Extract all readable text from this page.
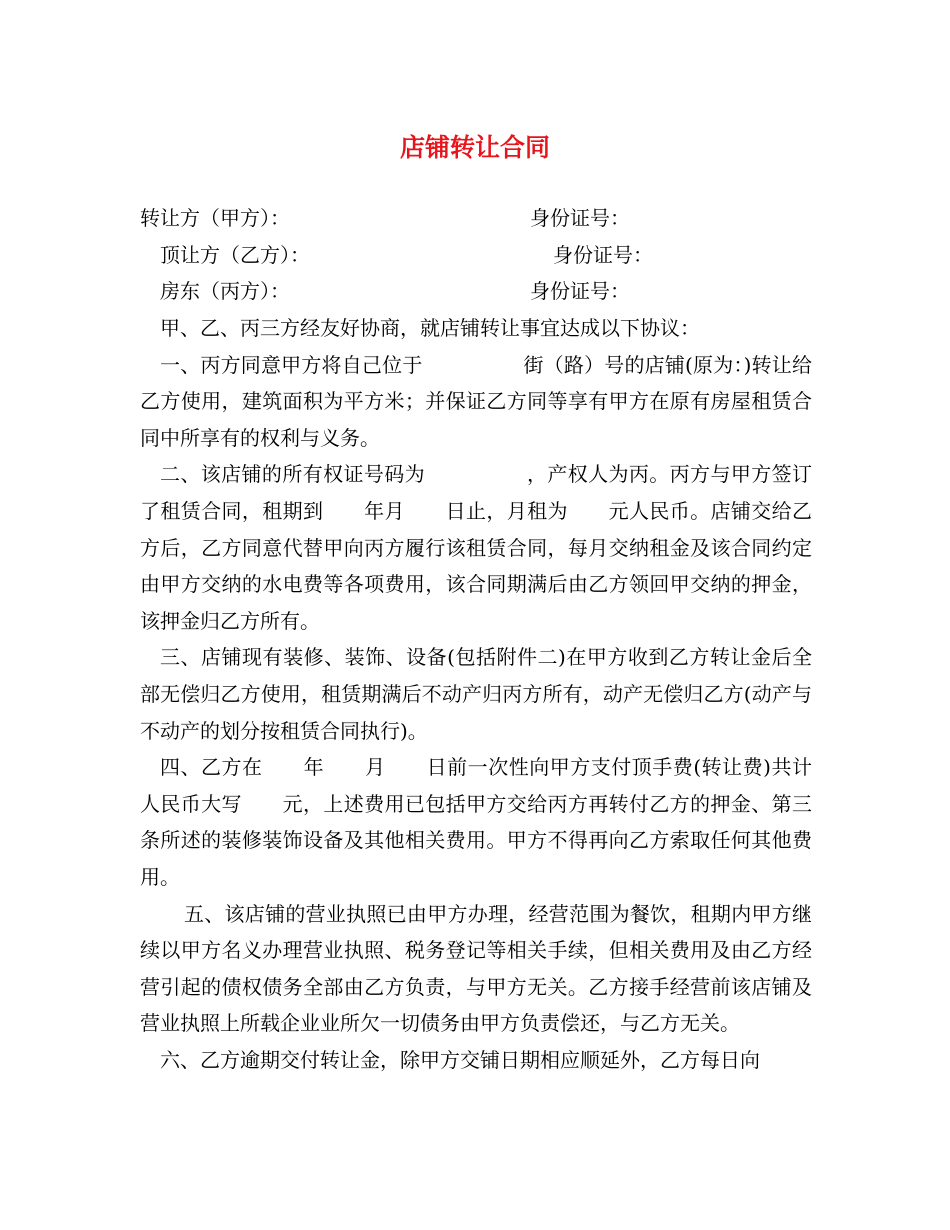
店铺转让合同
转让方（甲方）：	身份证号：
顶让方（乙方）：	身份证号：
房东（丙方）：	身份证号：

甲、乙、丙三方经友好协商，就店铺转让事宜达成以下协议：

一、丙方同意甲方将自己位于　　　　　街（路）号的店铺(原为：)转让给乙方使用，建筑面积为平方米；并保证乙方同等享有甲方在原有房屋租赁合同中所享有的权利与义务。

二、该店铺的所有权证号码为　　　　　，产权人为丙。丙方与甲方签订了租赁合同，租期到　　年月　　日止，月租为　　元人民币。店铺交给乙方后，乙方同意代替甲向丙方履行该租赁合同，每月交纳租金及该合同约定由甲方交纳的水电费等各项费用，该合同期满后由乙方领回甲交纳的押金，该押金归乙方所有。

三、店铺现有装修、装饰、设备(包括附件二)在甲方收到乙方转让金后全部无偿归乙方使用，租赁期满后不动产归丙方所有，动产无偿归乙方(动产与不动产的划分按租赁合同执行)。

四、乙方在　　年　　月　　日前一次性向甲方支付顶手费(转让费)共计人民币大写　　元，上述费用已包括甲方交给丙方再转付乙方的押金、第三条所述的装修装饰设备及其他相关费用。甲方不得再向乙方索取任何其他费用。

五、该店铺的营业执照已由甲方办理，经营范围为餐饮，租期内甲方继续以甲方名义办理营业执照、税务登记等相关手续，但相关费用及由乙方经营引起的债权债务全部由乙方负责，与甲方无关。乙方接手经营前该店铺及营业执照上所载企业业所欠一切债务由甲方负责偿还，与乙方无关。

六、乙方逾期交付转让金，除甲方交铺日期相应顺延外，乙方每日向
